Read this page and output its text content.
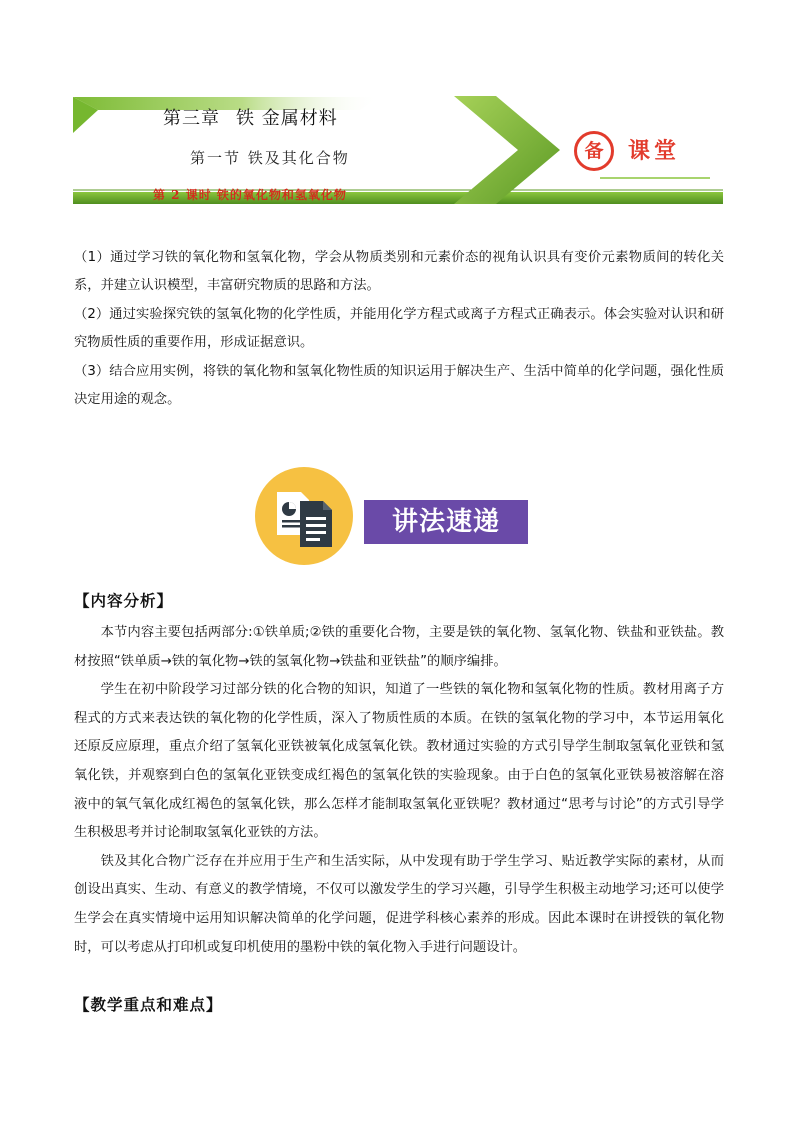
第三章 铁 金属材料
第一节 铁及其化合物
第 2 课时 铁的氧化物和氢氧化物
备	课堂

（1）通过学习铁的氧化物和氢氧化物，学会从物质类别和元素价态的视角认识具有变价元素物质间的转化关系，并建立认识模型，丰富研究物质的思路和方法。

（2）通过实验探究铁的氢氧化物的化学性质，并能用化学方程式或离子方程式正确表示。体会实验对认识和研究物质性质的重要作用，形成证据意识。

（3）结合应用实例，将铁的氧化物和氢氧化物性质的知识运用于解决生产、生活中简单的化学问题，强化性质决定用途的观念。

讲法速递
【内容分析】

本节内容主要包括两部分:①铁单质;②铁的重要化合物，主要是铁的氧化物、氢氧化物、铁盐和亚铁盐。教材按照“铁单质→铁的氧化物→铁的氢氧化物→铁盐和亚铁盐”的顺序编排。

学生在初中阶段学习过部分铁的化合物的知识，知道了一些铁的氧化物和氢氧化物的性质。教材用离子方程式的方式来表达铁的氧化物的化学性质，深入了物质性质的本质。在铁的氢氧化物的学习中，本节运用氧化还原反应原理，重点介绍了氢氧化亚铁被氧化成氢氧化铁。教材通过实验的方式引导学生制取氢氧化亚铁和氢氧化铁，并观察到白色的氢氧化亚铁变成红褐色的氢氧化铁的实验现象。由于白色的氢氧化亚铁易被溶解在溶液中的氧气氧化成红褐色的氢氧化铁，那么怎样才能制取氢氧化亚铁呢？教材通过“思考与讨论”的方式引导学生积极思考并讨论制取氢氧化亚铁的方法。

铁及其化合物广泛存在并应用于生产和生活实际，从中发现有助于学生学习、贴近教学实际的素材，从而创设出真实、生动、有意义的教学情境，不仅可以激发学生的学习兴趣，引导学生积极主动地学习;还可以使学生学会在真实情境中运用知识解决简单的化学问题，促进学科核心素养的形成。因此本课时在讲授铁的氧化物时，可以考虑从打印机或复印机使用的墨粉中铁的氧化物入手进行问题设计。

【教学重点和难点】
